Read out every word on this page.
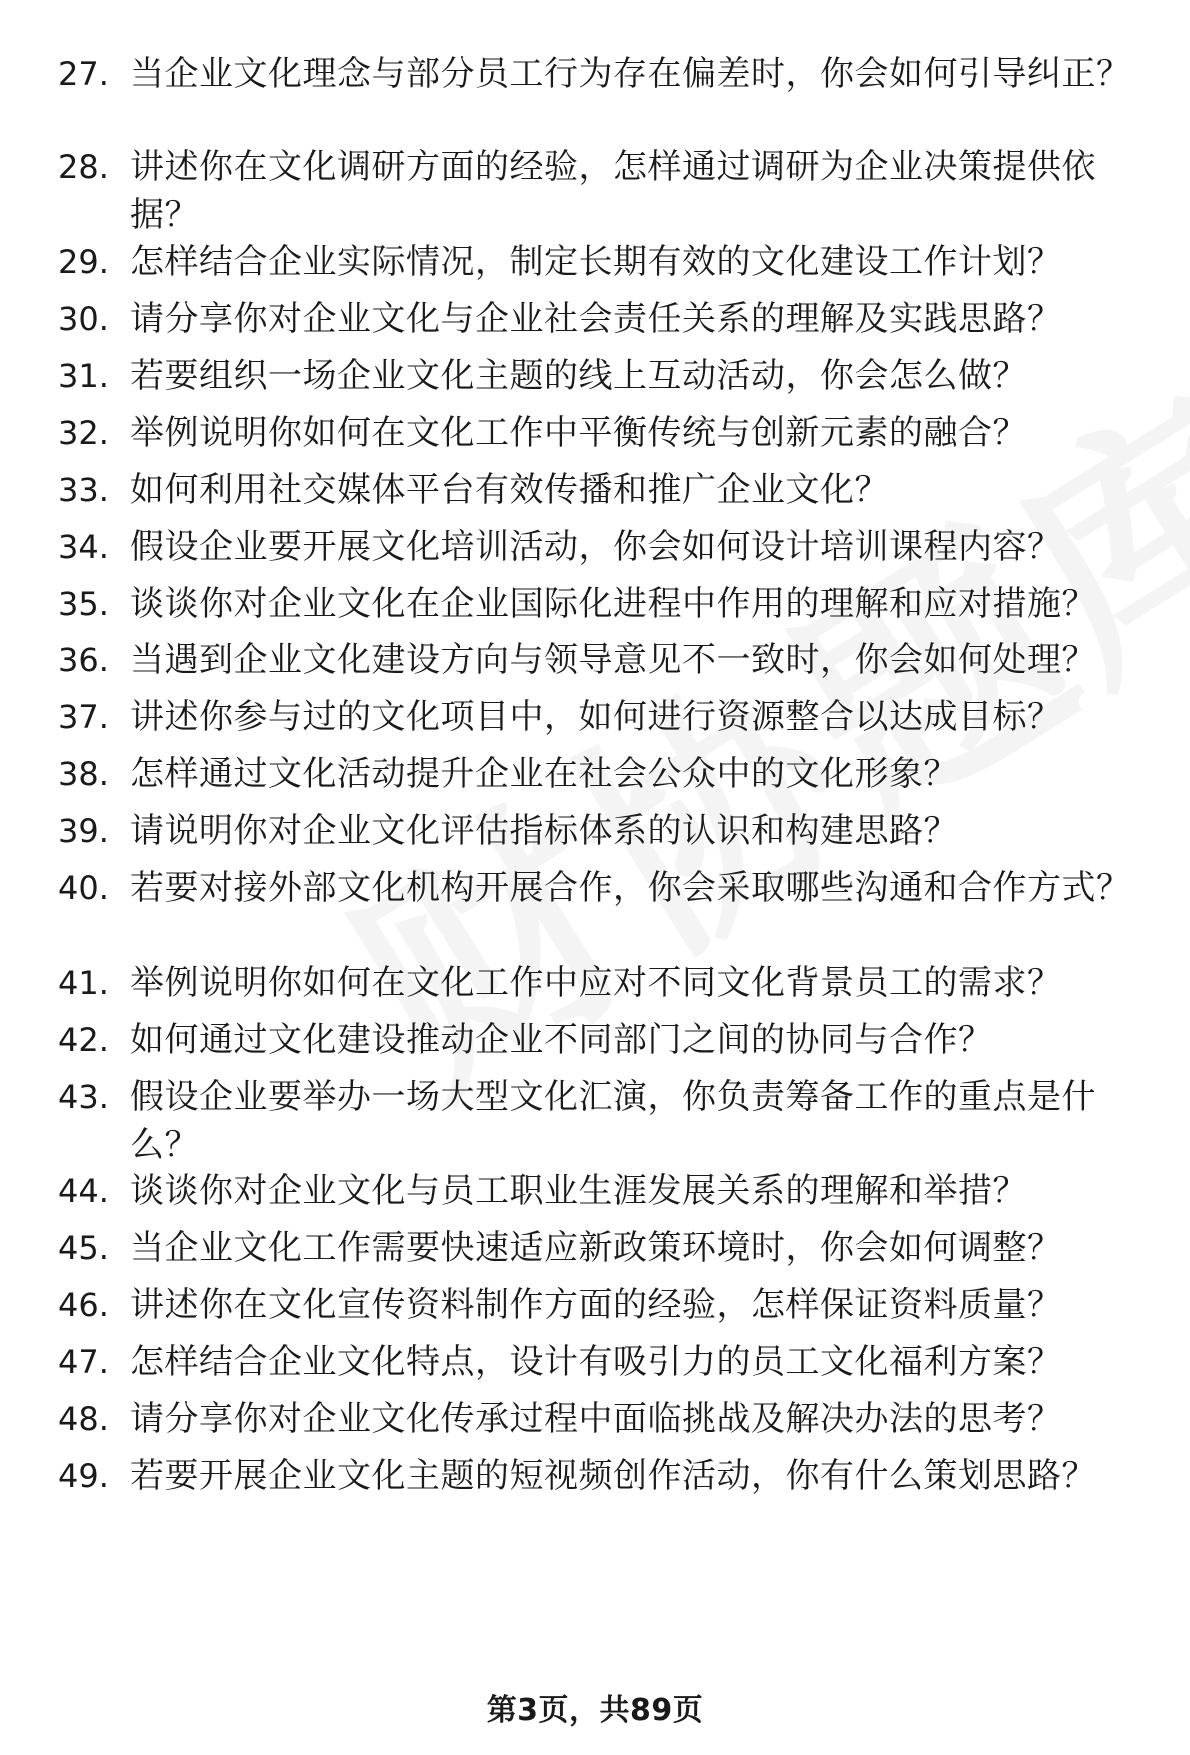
27. 当企业文化理念与部分员工行为存在偏差时，你会如何引导纠正？
28. 讲述你在文化调研方面的经验，怎样通过调研为企业决策提供依据？
29. 怎样结合企业实际情况，制定长期有效的文化建设工作计划？
30. 请分享你对企业文化与企业社会责任关系的理解及实践思路？
31. 若要组织一场企业文化主题的线上互动活动，你会怎么做？
32. 举例说明你如何在文化工作中平衡传统与创新元素的融合？
33. 如何利用社交媒体平台有效传播和推广企业文化？
34. 假设企业要开展文化培训活动，你会如何设计培训课程内容？
35. 谈谈你对企业文化在企业国际化进程中作用的理解和应对措施？
36. 当遇到企业文化建设方向与领导意见不一致时，你会如何处理？
37. 讲述你参与过的文化项目中，如何进行资源整合以达成目标？
38. 怎样通过文化活动提升企业在社会公众中的文化形象？
39. 请说明你对企业文化评估指标体系的认识和构建思路？
40. 若要对接外部文化机构开展合作，你会采取哪些沟通和合作方式？
41. 举例说明你如何在文化工作中应对不同文化背景员工的需求？
42. 如何通过文化建设推动企业不同部门之间的协同与合作？
43. 假设企业要举办一场大型文化汇演，你负责筹备工作的重点是什么？
44. 谈谈你对企业文化与员工职业生涯发展关系的理解和举措？
45. 当企业文化工作需要快速适应新政策环境时，你会如何调整？
46. 讲述你在文化宣传资料制作方面的经验，怎样保证资料质量？
47. 怎样结合企业文化特点，设计有吸引力的员工文化福利方案？
48. 请分享你对企业文化传承过程中面临挑战及解决办法的思考？
49. 若要开展企业文化主题的短视频创作活动，你有什么策划思路？
第3页，共89页
